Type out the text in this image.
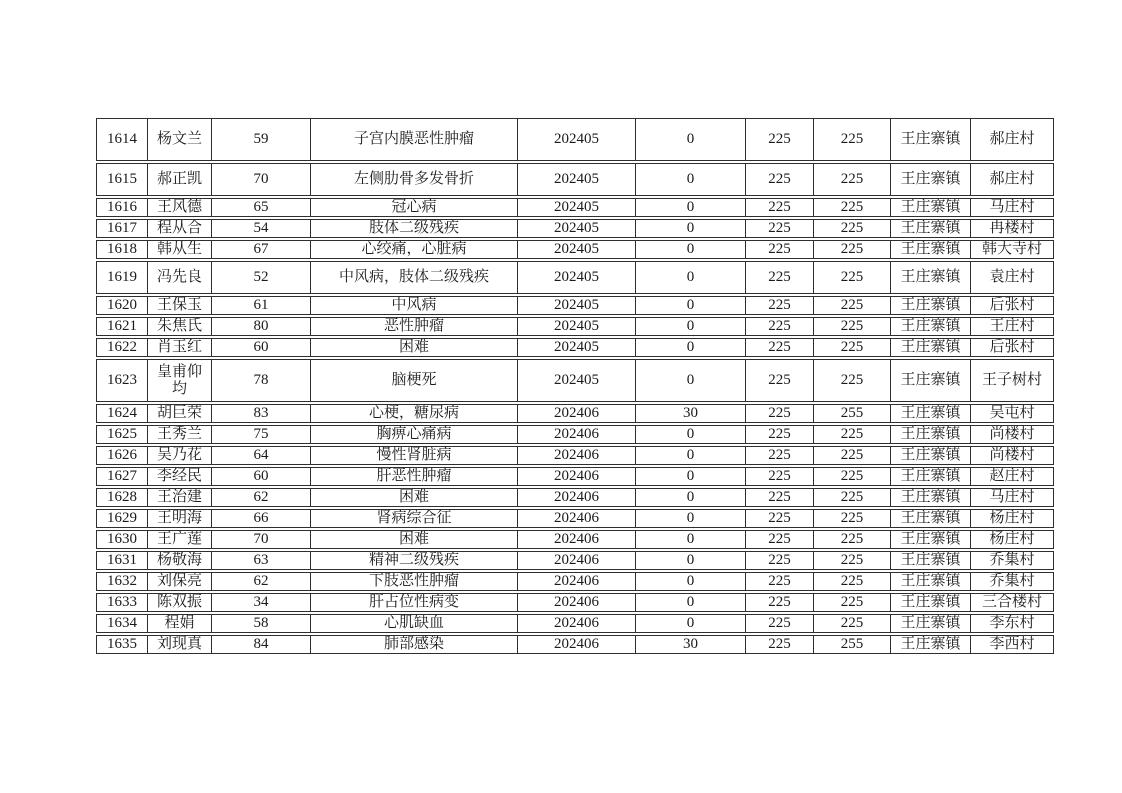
1614	杨文兰	59	子宫内膜恶性肿瘤	202405	0	225	225	王庄寨镇	郝庄村
1615	郝正凯	70	左侧肋骨多发骨折	202405	0	225	225	王庄寨镇	郝庄村
1616	王风德	65	冠心病	202405	0	225	225	王庄寨镇	马庄村
1617	程从合	54	肢体二级残疾	202405	0	225	225	王庄寨镇	冉楼村
1618	韩从生	67	心绞痛，心脏病	202405	0	225	225	王庄寨镇	韩大寺村
1619	冯先良	52	中风病，肢体二级残疾	202405	0	225	225	王庄寨镇	袁庄村
1620	王保玉	61	中风病	202405	0	225	225	王庄寨镇	后张村
1621	朱焦氏	80	恶性肿瘤	202405	0	225	225	王庄寨镇	王庄村
1622	肖玉红	60	困难	202405	0	225	225	王庄寨镇	后张村
1623	皇甫仰均	78	脑梗死	202405	0	225	225	王庄寨镇	王子树村
1624	胡巨荣	83	心梗，糖尿病	202406	30	225	255	王庄寨镇	吴屯村
1625	王秀兰	75	胸痹心痛病	202406	0	225	225	王庄寨镇	尚楼村
1626	吴乃花	64	慢性肾脏病	202406	0	225	225	王庄寨镇	尚楼村
1627	李经民	60	肝恶性肿瘤	202406	0	225	225	王庄寨镇	赵庄村
1628	王治建	62	困难	202406	0	225	225	王庄寨镇	马庄村
1629	王明海	66	肾病综合征	202406	0	225	225	王庄寨镇	杨庄村
1630	王广莲	70	困难	202406	0	225	225	王庄寨镇	杨庄村
1631	杨敬海	63	精神二级残疾	202406	0	225	225	王庄寨镇	乔集村
1632	刘保亮	62	下肢恶性肿瘤	202406	0	225	225	王庄寨镇	乔集村
1633	陈双振	34	肝占位性病变	202406	0	225	225	王庄寨镇	三合楼村
1634	程娟	58	心肌缺血	202406	0	225	225	王庄寨镇	李东村
1635	刘现真	84	肺部感染	202406	30	225	255	王庄寨镇	李西村
